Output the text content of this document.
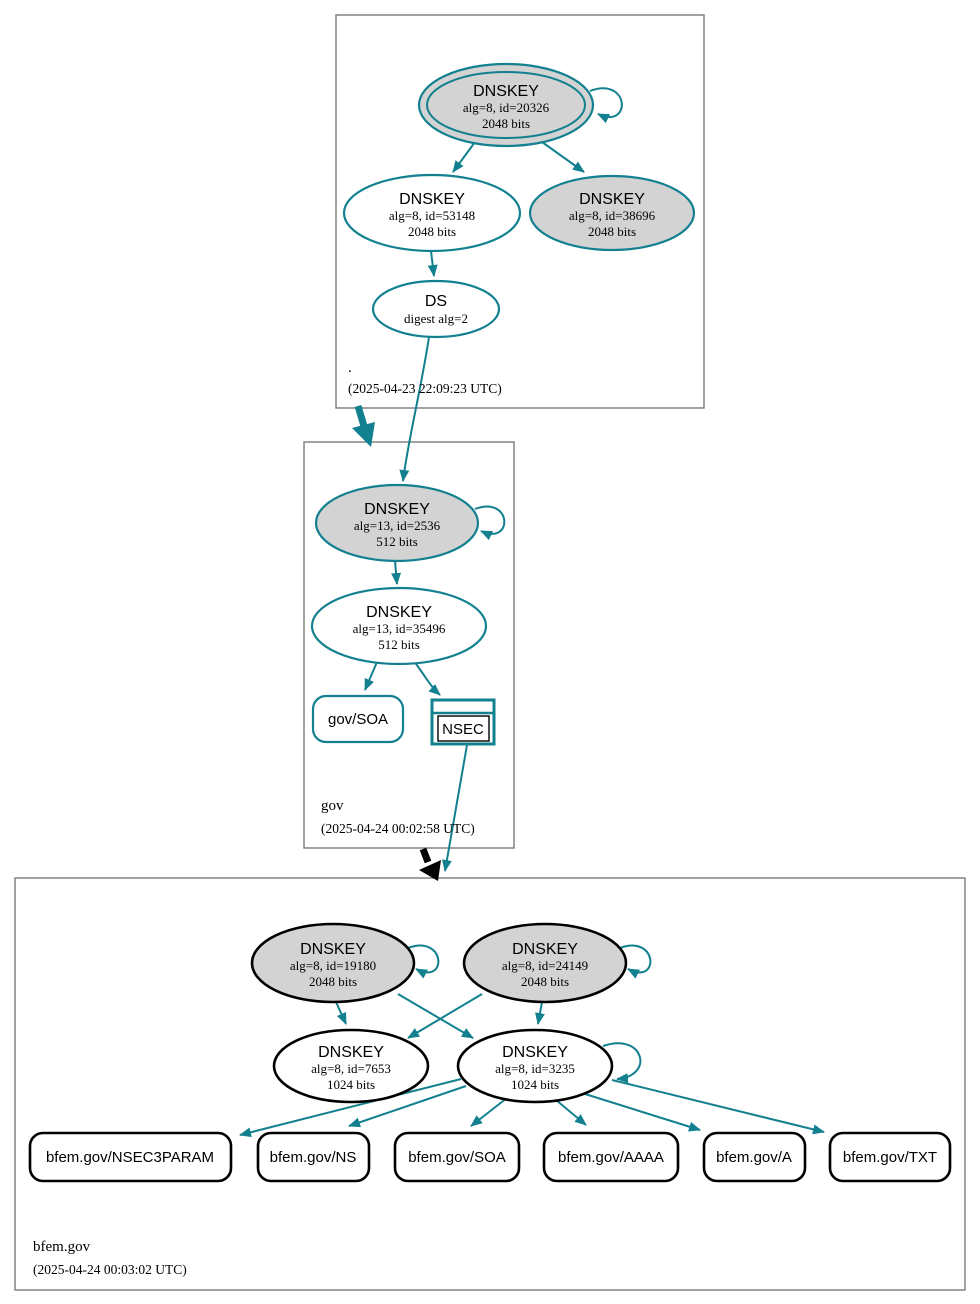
DNSKEY
alg=8, id=20326
2048 bits
DNSKEY
alg=8, id=53148
2048 bits
DNSKEY
alg=8, id=38696
2048 bits
DS
digest alg=2
.
(2025-04-23 22:09:23 UTC)
DNSKEY
alg=13, id=2536
512 bits
DNSKEY
alg=13, id=35496
512 bits
gov/SOA
NSEC
gov
(2025-04-24 00:02:58 UTC)
DNSKEY
alg=8, id=19180
2048 bits
DNSKEY
alg=8, id=24149
2048 bits
DNSKEY
alg=8, id=7653
1024 bits
DNSKEY
alg=8, id=3235
1024 bits
bfem.gov/NSEC3PARAM	bfem.gov/NS	bfem.gov/SOA	bfem.gov/AAAA	bfem.gov/A	bfem.gov/TXT
bfem.gov
(2025-04-24 00:03:02 UTC)
